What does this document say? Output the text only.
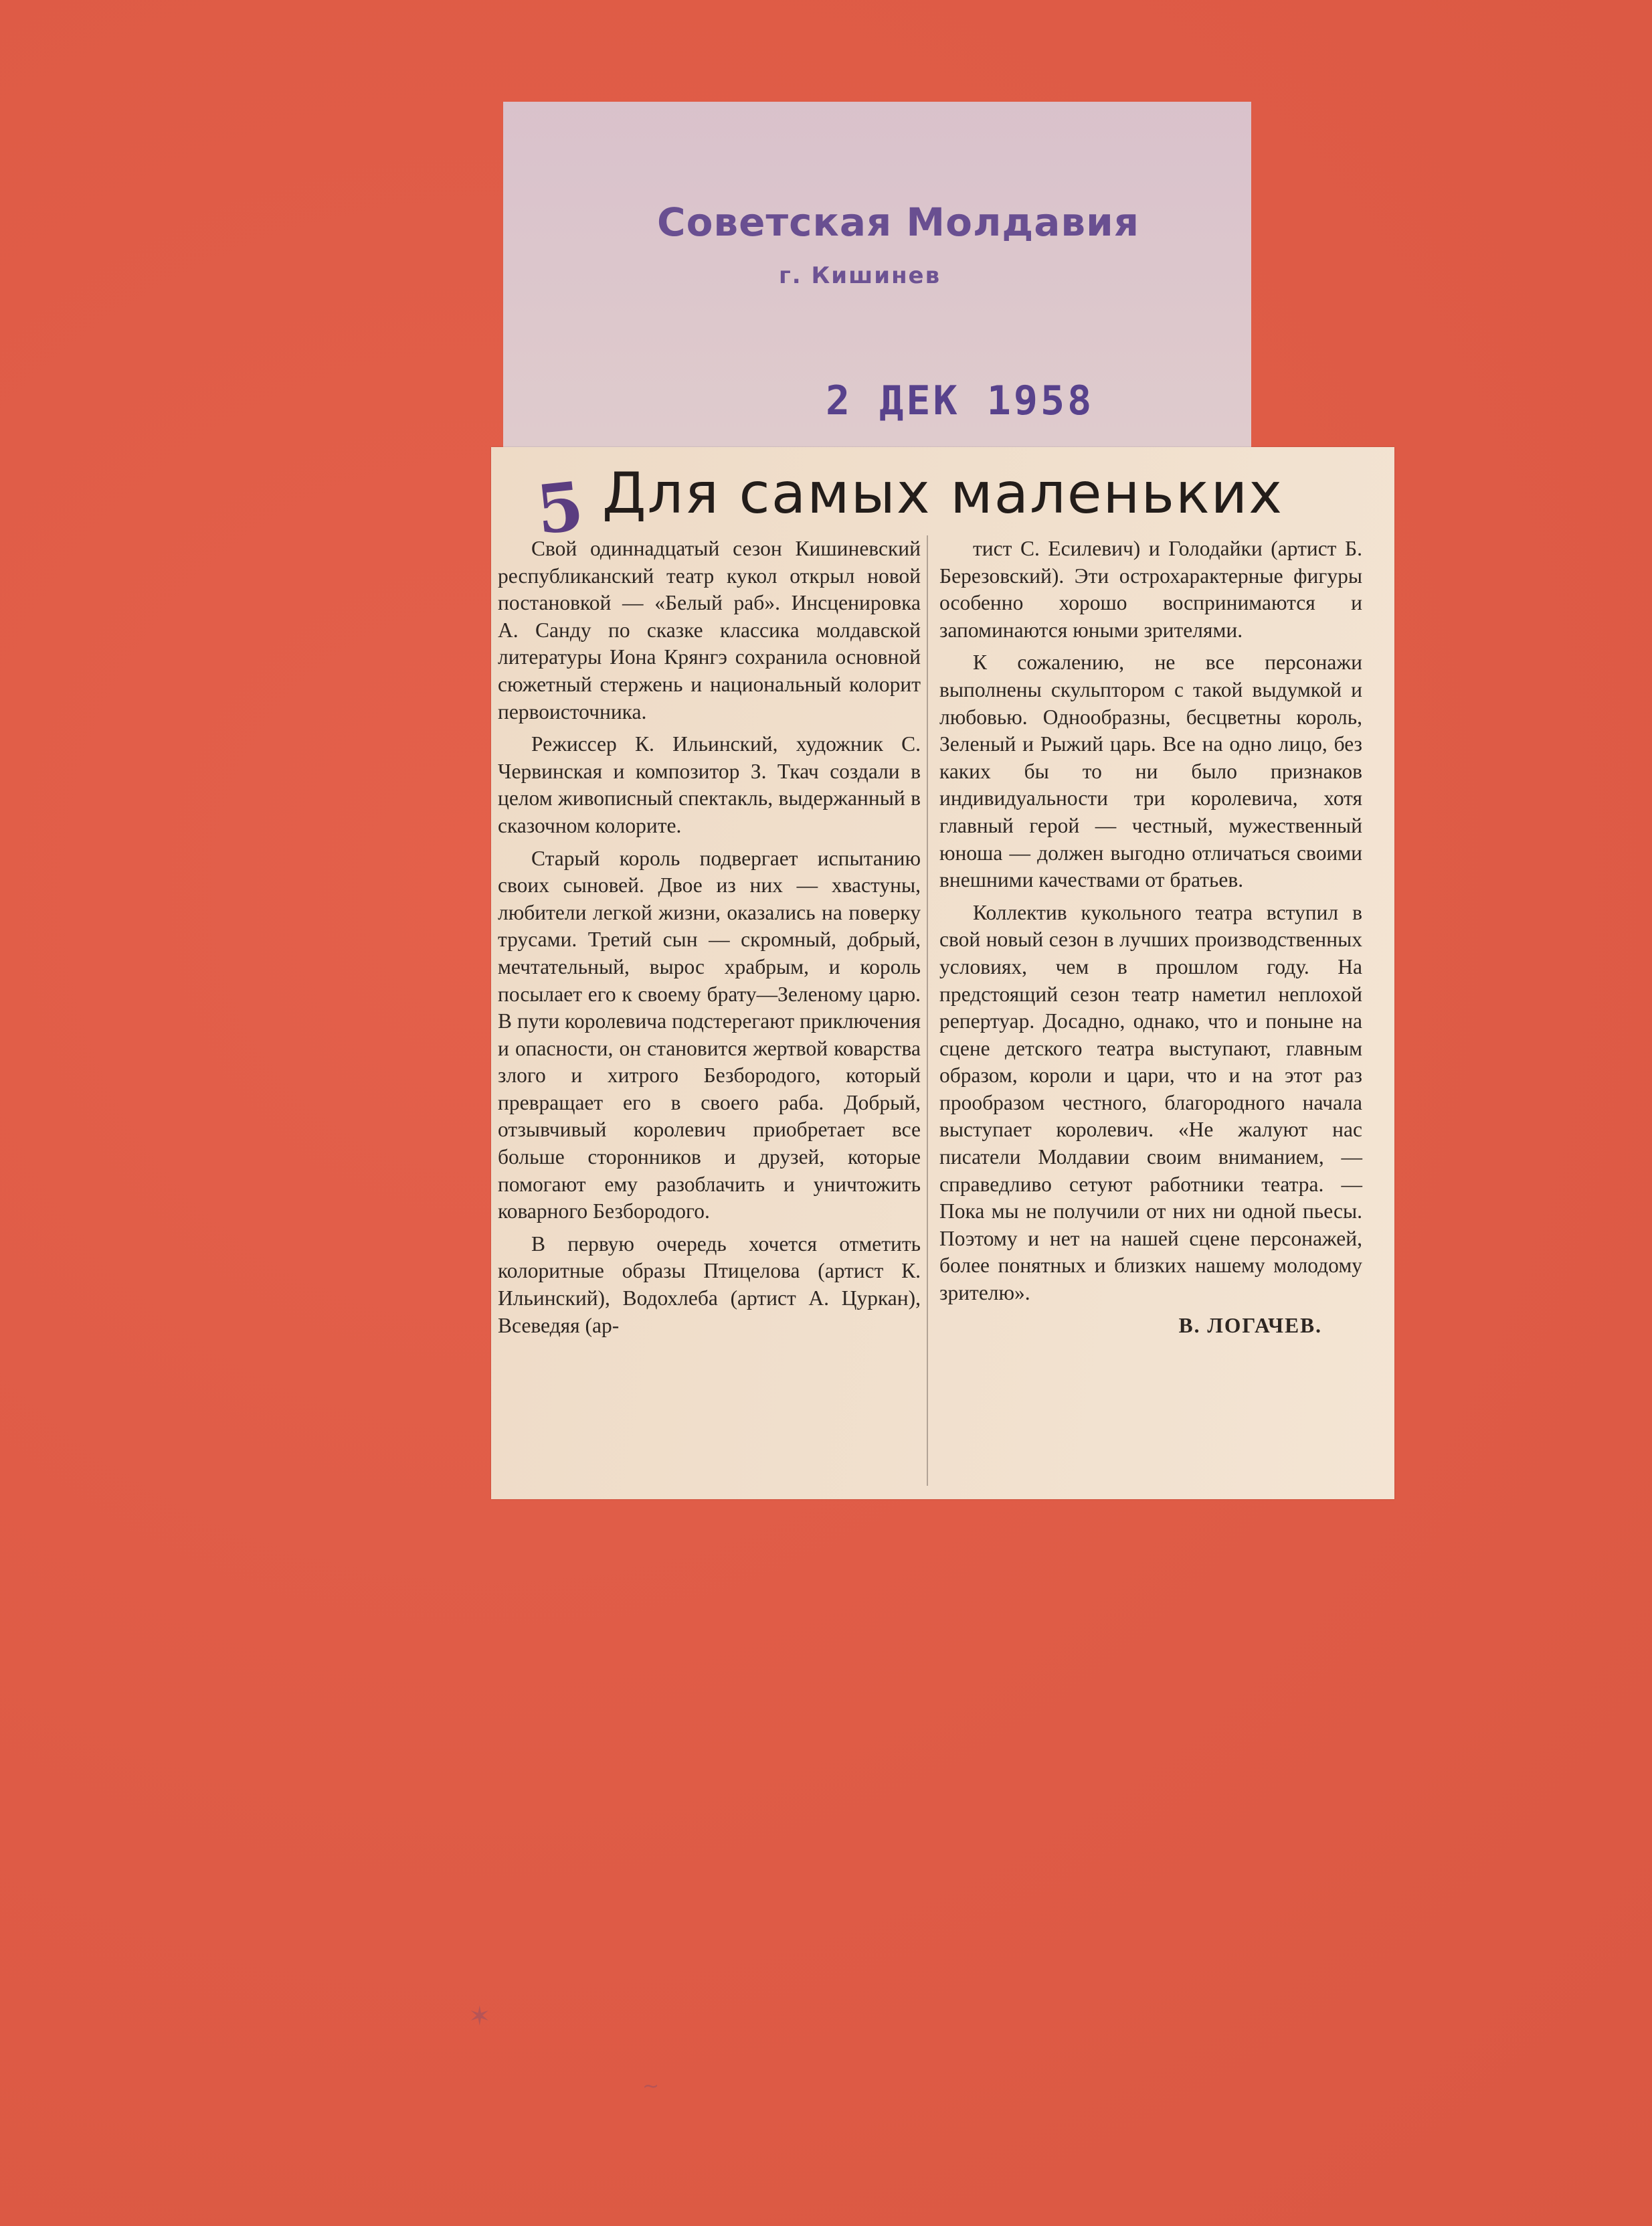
Советская Молдавия
г. Кишинев
2 ДЕК 1958
5 Для самых маленьких

Свой одиннадцатый сезон Кишиневский республиканский театр кукол открыл новой постановкой — «Белый раб». Инсценировка А. Санду по сказке классика молдавской литературы Иона Крянгэ сохранила основной сюжетный стержень и национальный колорит первоисточника.

Режиссер К. Ильинский, художник С. Червинская и композитор З. Ткач создали в целом живописный спектакль, выдержанный в сказочном колорите.

Старый король подвергает испытанию своих сыновей. Двое из них — хвастуны, любители легкой жизни, оказались на поверку трусами. Третий сын — скромный, добрый, мечтательный, вырос храбрым, и король посылает его к своему брату—Зеленому царю. В пути королевича подстерегают приключения и опасности, он становится жертвой коварства злого и хитрого Безбородого, который превращает его в своего раба. Добрый, отзывчивый королевич приобретает все больше сторонников и друзей, которые помогают ему разоблачить и уничтожить коварного Безбородого.

В первую очередь хочется отметить колоритные образы Птицелова (артист К. Ильинский), Водохлеба (артист А. Цуркан), Всеведяя (ар-

тист С. Есилевич) и Голодайки (артист Б. Березовский). Эти острохарактерные фигуры особенно хорошо воспринимаются и запоминаются юными зрителями.

К сожалению, не все персонажи выполнены скульптором с такой выдумкой и любовью. Однообразны, бесцветны король, Зеленый и Рыжий царь. Все на одно лицо, без каких бы то ни было признаков индивидуальности три королевича, хотя главный герой — честный, мужественный юноша — должен выгодно отличаться своими внешними качествами от братьев.

Коллектив кукольного театра вступил в свой новый сезон в лучших производственных условиях, чем в прошлом году. На предстоящий сезон театр наметил неплохой репертуар. Досадно, однако, что и поныне на сцене детского театра выступают, главным образом, короли и цари, что и на этот раз прообразом честного, благородного начала выступает королевич. «Не жалуют нас писатели Молдавии своим вниманием, — справедливо сетуют работники театра. — Пока мы не получили от них ни одной пьесы. Поэтому и нет на нашей сцене персонажей, более понятных и близких нашему молодому зрителю».

В. ЛОГАЧЕВ.
✶
~
